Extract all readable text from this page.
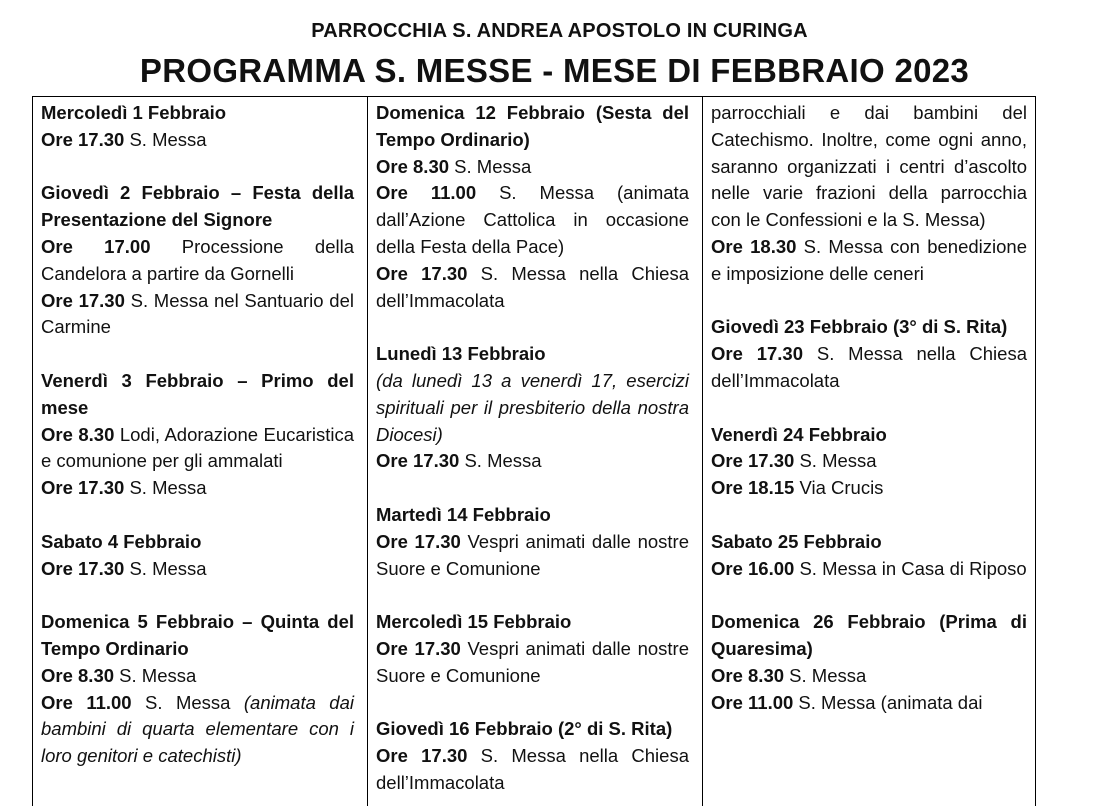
PARROCCHIA S. ANDREA APOSTOLO IN CURINGA
PROGRAMMA S. MESSE - MESE DI FEBBRAIO 2023
Mercoledì 1 Febbraio
Ore 17.30 S. Messa
Giovedì 2 Febbraio – Festa della Presentazione del Signore
Ore 17.00 Processione della Candelora a partire da Gornelli
Ore 17.30 S. Messa nel Santuario del Carmine
Venerdì 3 Febbraio – Primo del mese
Ore 8.30 Lodi, Adorazione Eucaristica e comunione per gli ammalati
Ore 17.30 S. Messa
Sabato 4 Febbraio
Ore 17.30 S. Messa
Domenica 5 Febbraio – Quinta del Tempo Ordinario
Ore 8.30 S. Messa
Ore 11.00 S. Messa (animata dai bambini di quarta elementare con i loro genitori e catechisti)
Domenica 12 Febbraio (Sesta del Tempo Ordinario)
Ore 8.30 S. Messa
Ore 11.00 S. Messa (animata dall’Azione Cattolica in occasione della Festa della Pace)
Ore 17.30 S. Messa nella Chiesa dell’Immacolata
Lunedì 13 Febbraio
(da lunedì 13 a venerdì 17, esercizi spirituali per il presbiterio della nostra Diocesi)
Ore 17.30 S. Messa
Martedì 14 Febbraio
Ore 17.30 Vespri animati dalle nostre Suore e Comunione
Mercoledì 15 Febbraio
Ore 17.30 Vespri animati dalle nostre Suore e Comunione
Giovedì 16 Febbraio (2° di S. Rita)
Ore 17.30 S. Messa nella Chiesa dell’Immacolata
parrocchiali e dai bambini del Catechismo. Inoltre, come ogni anno, saranno organizzati i centri d’ascolto nelle varie frazioni della parrocchia con le Confessioni e la S. Messa)
Ore 18.30 S. Messa con benedizione e imposizione delle ceneri
Giovedì 23 Febbraio (3° di S. Rita)
Ore 17.30 S. Messa nella Chiesa dell’Immacolata
Venerdì 24 Febbraio
Ore 17.30 S. Messa
Ore 18.15 Via Crucis
Sabato 25 Febbraio
Ore 16.00 S. Messa in Casa di Riposo
Domenica 26 Febbraio (Prima di Quaresima)
Ore 8.30 S. Messa
Ore 11.00 S. Messa (animata dai
